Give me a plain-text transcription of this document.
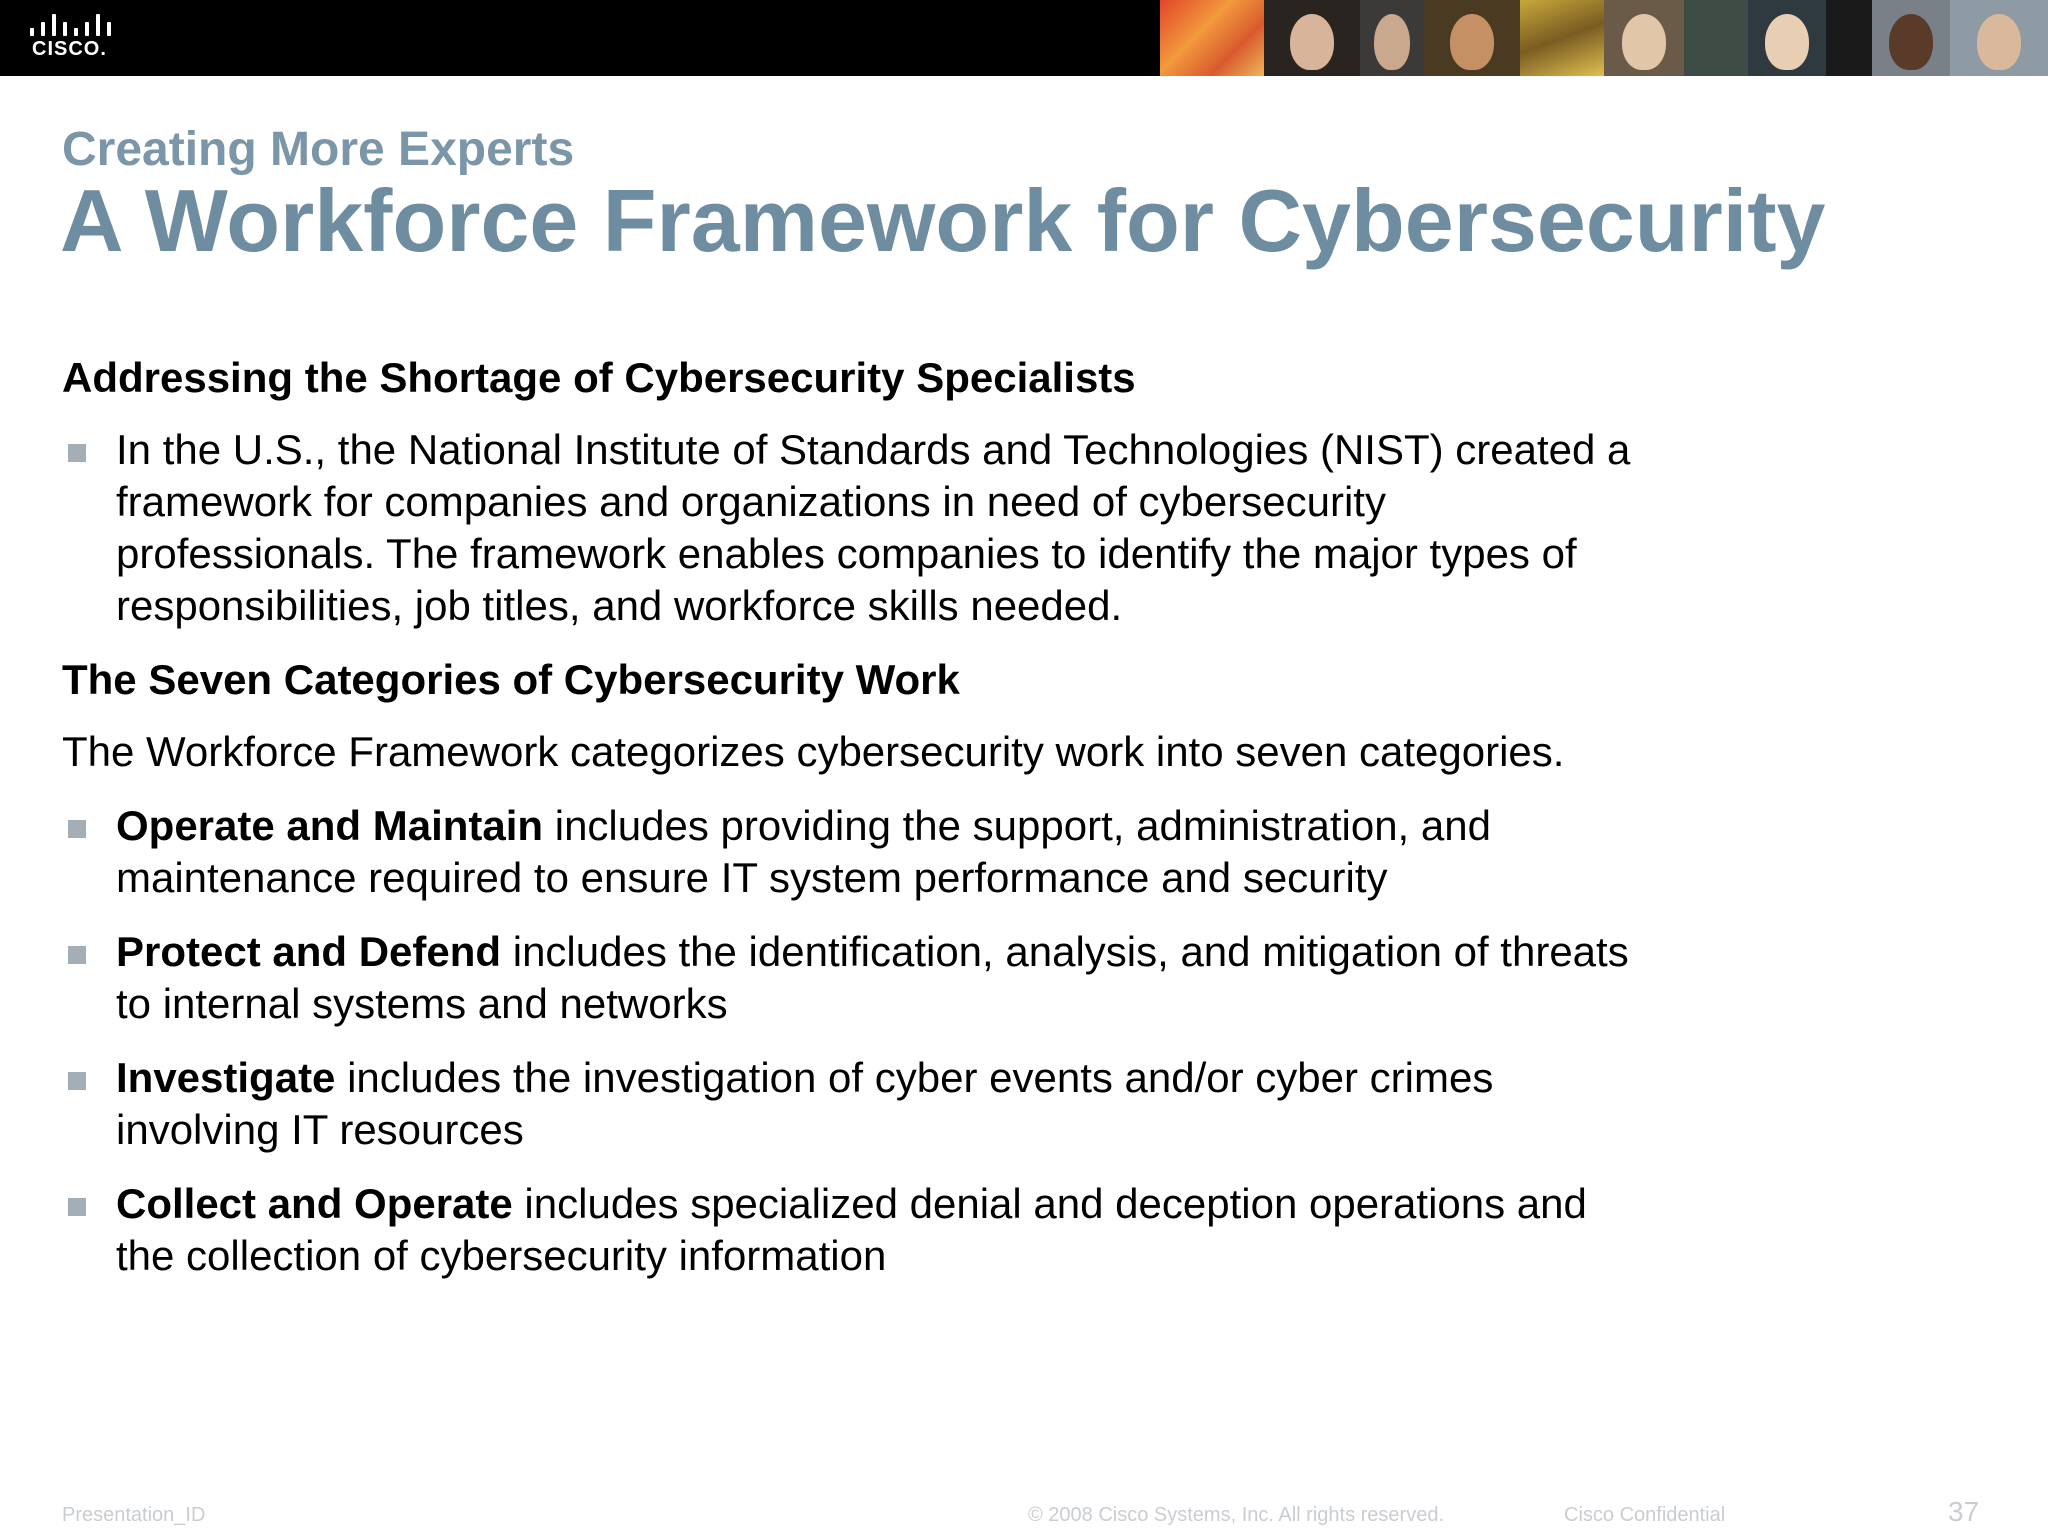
CISCO.
Creating More Experts
A Workforce Framework for Cybersecurity
Addressing the Shortage of Cybersecurity Specialists
In the U.S., the National Institute of Standards and Technologies (NIST) created a
framework for companies and organizations in need of cybersecurity
professionals. The framework enables companies to identify the major types of
responsibilities, job titles, and workforce skills needed.
The Seven Categories of Cybersecurity Work
The Workforce Framework categorizes cybersecurity work into seven categories.
Operate and Maintain includes providing the support, administration, and
maintenance required to ensure IT system performance and security
Protect and Defend includes the identification, analysis, and mitigation of threats
to internal systems and networks
Investigate includes the investigation of cyber events and/or cyber crimes
involving IT resources
Collect and Operate includes specialized denial and deception operations and
the collection of cybersecurity information
Presentation_ID	© 2008 Cisco Systems, Inc. All rights reserved.	Cisco Confidential	37
